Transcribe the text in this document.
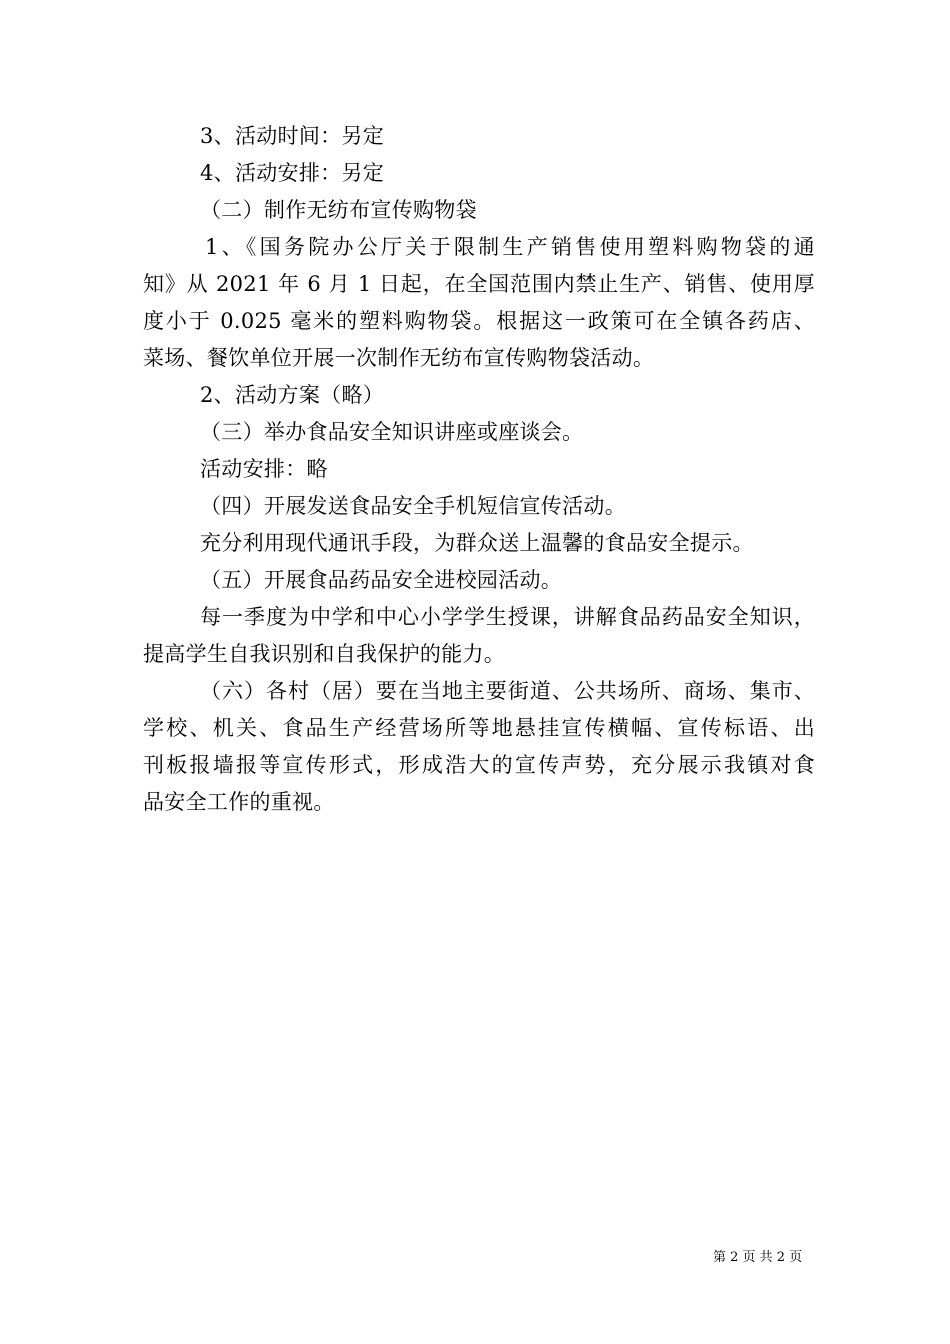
3、活动时间：另定
4、活动安排：另定
（二）制作无纺布宣传购物袋
1、《国务院办公厅关于限制生产销售使用塑料购物袋的通
知》从 2021 年 6 月 1 日起，在全国范围内禁止生产、销售、使用厚
度小于 0.025 毫米的塑料购物袋。根据这一政策可在全镇各药店、
菜场、餐饮单位开展一次制作无纺布宣传购物袋活动。
2、活动方案（略）
（三）举办食品安全知识讲座或座谈会。
活动安排：略
（四）开展发送食品安全手机短信宣传活动。
充分利用现代通讯手段，为群众送上温馨的食品安全提示。
（五）开展食品药品安全进校园活动。
每一季度为中学和中心小学学生授课，讲解食品药品安全知识，
提高学生自我识别和自我保护的能力。
（六）各村（居）要在当地主要街道、公共场所、商场、集市、
学校、机关、食品生产经营场所等地悬挂宣传横幅、宣传标语、出
刊板报墙报等宣传形式，形成浩大的宣传声势，充分展示我镇对食
品安全工作的重视。
第 2 页 共 2 页
